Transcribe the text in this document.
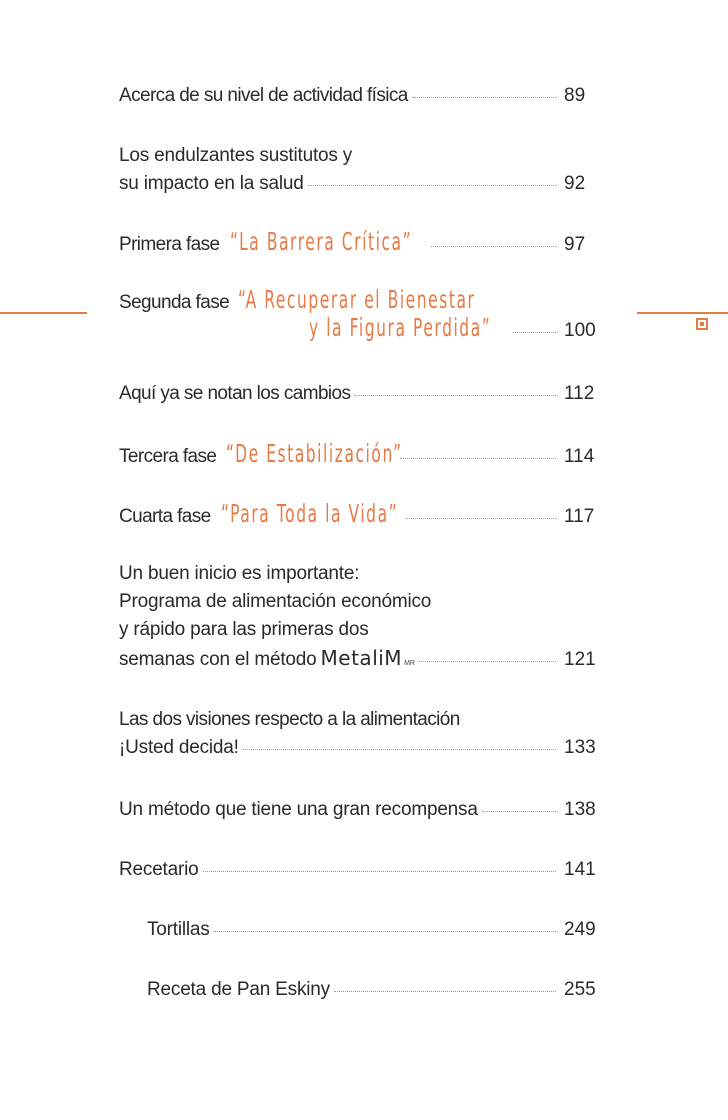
Acerca de su nivel de actividad física	89
Los endulzantes sustitutos y
su impacto en la salud	92
Primera fase “La Barrera Crítica”	97
Segunda fase “A Recuperar el Bienestar
y la Figura Perdida”	100
Aquí ya se notan los cambios	112
Tercera fase “De Estabilización”	114
Cuarta fase “Para Toda la Vida”	117
Un buen inicio es importante:
Programa de alimentación económico
y rápido para las primeras dos
semanas con el método MetaliM MR	121
Las dos visiones respecto a la alimentación
¡Usted decida!	133
Un método que tiene una gran recompensa	138
Recetario	141
Tortillas	249
Receta de Pan Eskiny	255
